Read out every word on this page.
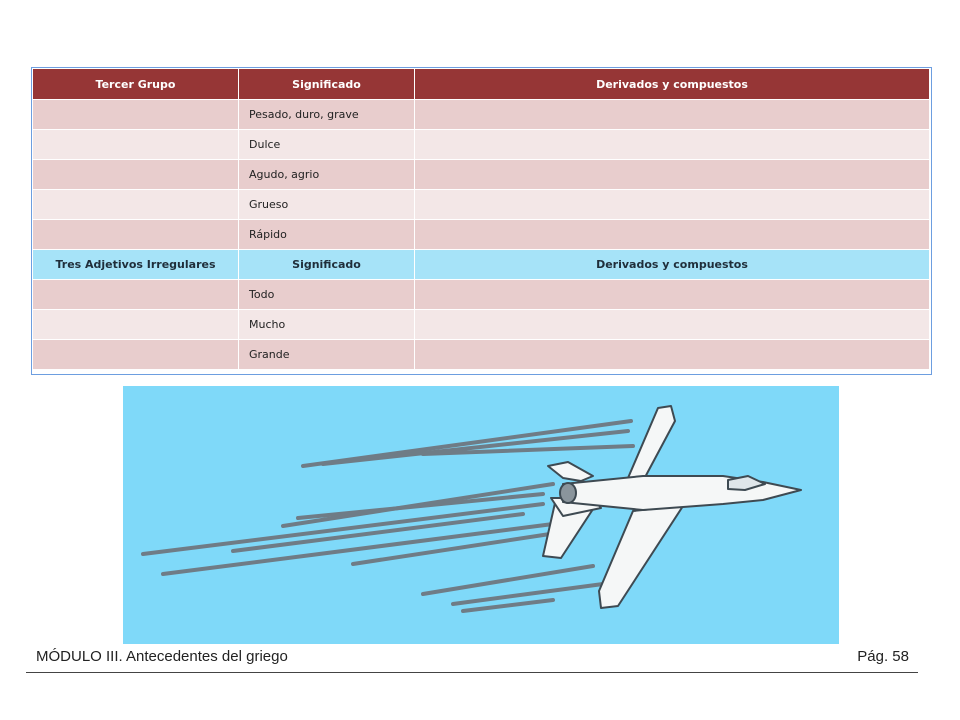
Tercer Grupo	Significado	Derivados y compuestos
	Pesado, duro, grave	
	Dulce	
	Agudo, agrio	
	Grueso	
	Rápido	
Tres Adjetivos Irregulares	Significado	Derivados y compuestos
	Todo	
	Mucho	
	Grande	
MÓDULO III. Antecedentes del griego	Pág. 58
